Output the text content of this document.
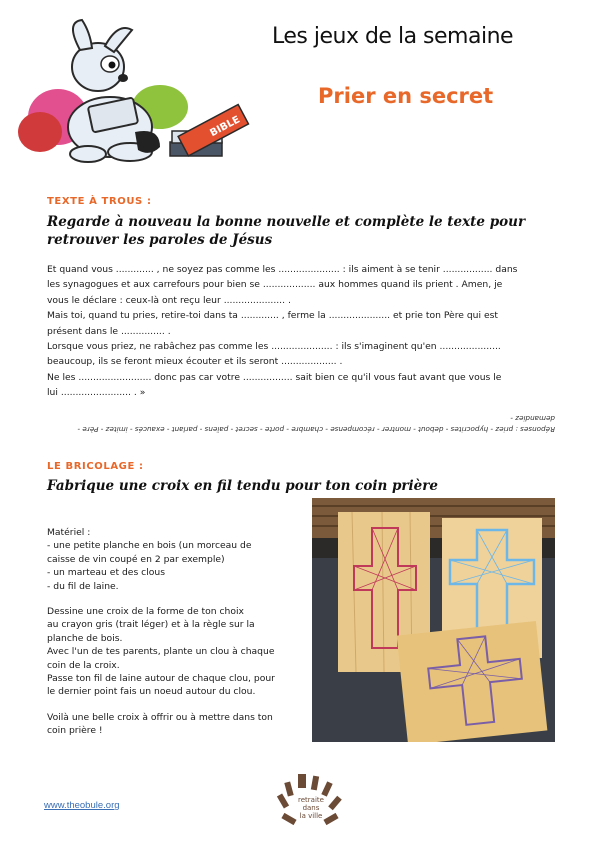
BIBLE
Les jeux de la semaine
Prier en secret
TEXTE À TROUS :
Regarde à nouveau la bonne nouvelle et complète le texte pour retrouver les paroles de Jésus

Et quand vous ............. , ne soyez pas comme les ..................... : ils aiment à se tenir ................. dans

les synagogues et aux carrefours pour bien se .................. aux hommes quand ils prient . Amen, je

vous le déclare : ceux-là ont reçu leur ..................... .

Mais toi, quand tu pries, retire-toi dans ta ............. , ferme la ..................... et prie ton Père qui est

présent dans le ............... .

Lorsque vous priez, ne rabâchez pas comme les ..................... : ils s'imaginent qu'en .....................

beaucoup, ils se feront mieux écouter et ils seront ................... .

Ne les ......................... donc pas car votre ................. sait bien ce qu'il vous faut avant que vous le

lui ........................ . »

Réponses : priez - hypocrites - debout - montrer - récompense - chambre - porte - secret - païens - parlant - exaucés - imitez - Père - demandiez -
LE BRICOLAGE :
Fabrique une croix en fil tendu pour ton coin prière
Matériel :
- une petite planche en bois (un morceau de
caisse de vin coupé en 2 par exemple)
- un marteau et des clous
- du fil de laine.
Dessine une croix de la forme de ton choix
au crayon gris (trait léger) et à la règle sur la
planche de bois.
Avec l'un de tes parents, plante un clou à chaque
coin de la croix.
Passe ton fil de laine autour de chaque clou, pour
le dernier point fais un noeud autour du clou.
Voilà une belle croix à offrir ou à mettre dans ton
coin prière !
www.theobule.org	retraite
dans
la ville
